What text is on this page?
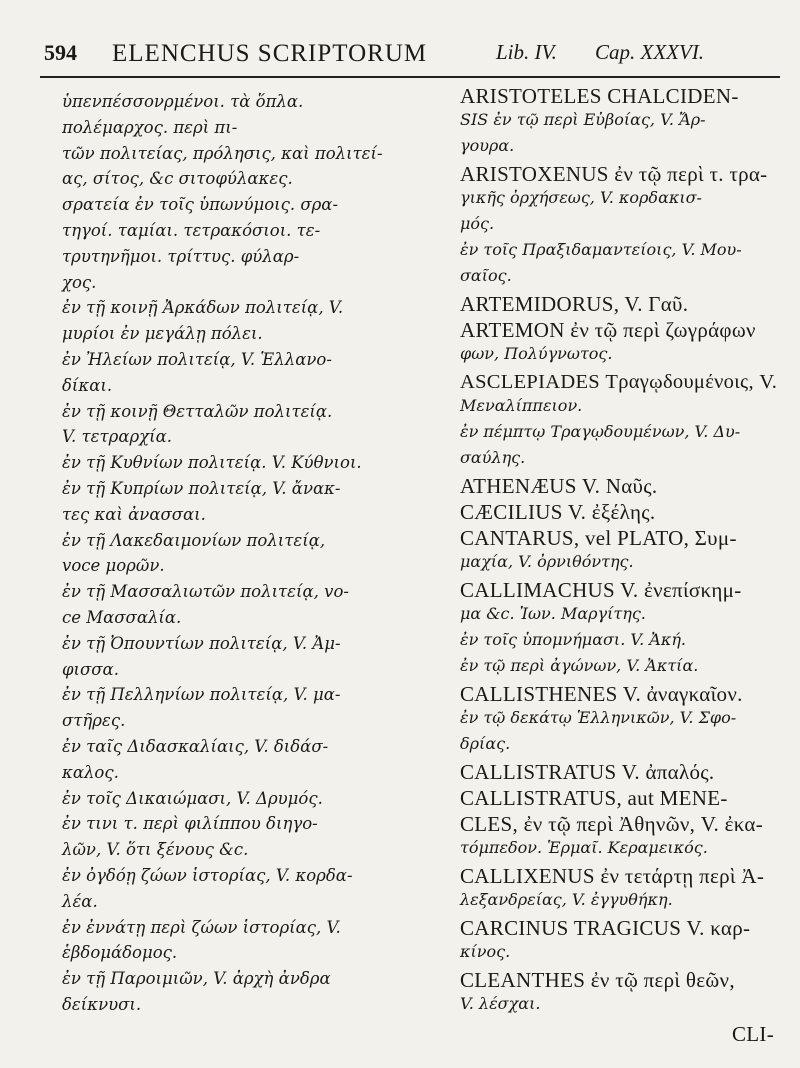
594 ELENCHUS SCRIPTORUM	Lib. IV. Cap. XXXVI.
ὑπενπέσσονρμένοι. τὰ ὅπλα.
πολέμαρχος. περὶ πι-
τῶν πολιτείας, πρόλησις, καὶ πολιτεί-
ας, σίτος, &c σιτοφύλακες.
σρατεία ἐν τοῖς ὑπωνύμοις. σρα-
τηγοί. ταμίαι. τετρακόσιοι. τε-
τρυτηνῆμοι. τρίττυς. φύλαρ-
χος.
ἐν τῇ κοινῇ Ἀρκάδων πολιτείᾳ, V.
μυρίοι ἐν μεγάλῃ πόλει.
ἐν Ἠλείων πολιτείᾳ, V. Ἑλλανο-
δίκαι.
ἐν τῇ κοινῇ Θετταλῶν πολιτείᾳ.
V. τετραρχία.
ἐν τῇ Κυθνίων πολιτείᾳ. V. Κύθνιοι.
ἐν τῇ Κυπρίων πολιτείᾳ, V. ἄνακ-
τες καὶ ἀνασσαι.
ἐν τῇ Λακεδαιμονίων πολιτείᾳ,
voce μορῶν.
ἐν τῇ Μασσαλιωτῶν πολιτείᾳ, vo-
ce Μασσαλία.
ἐν τῇ Ὀπουντίων πολιτείᾳ, V. Ἀμ-
φισσα.
ἐν τῇ Πελληνίων πολιτείᾳ, V. μα-
στῆρες.
ἐν ταῖς Διδασκαλίαις, V. διδάσ-
καλος.
ἐν τοῖς Δικαιώμασι, V. Δρυμός.
ἐν τινι τ. περὶ φιλίππου διηγο-
λῶν, V. ὅτι ξένους &c.
ἐν ὀγδόῃ ζώων ἱστορίας, V. κορδα-
λέα.
ἐν ἐννάτῃ περὶ ζώων ἱστορίας, V.
ἑβδομάδομος.
ἐν τῇ Παροιμιῶν, V. ἀρχὴ ἀνδρα
δείκνυσι.
ARISTOTELES CHALCIDEN-
SIS ἐν τῷ περὶ Εὐβοίας, V. Ἄρ-
γουρα.
ARISTOXENUS ἐν τῷ περὶ τ. τρα-
γικῆς ὀρχήσεως, V. κορδακισ-
μός.
ἐν τοῖς Πραξιδαμαντείοις, V. Μου-
σαῖος.
ARTEMIDORUS, V. Γαῦ.
ARTEMON ἐν τῷ περὶ ζωγράφων
φων, Πολύγνωτος.
ASCLEPIADES Τραγῳδουμένοις, V.
Μεναλίππειον.
ἐν πέμπτῳ Τραγῳδουμένων, V. Δυ-
σαύλης.
ATHENÆUS V. Ναῦς.
CÆCILIUS V. ἐξέλης.
CANTARUS, vel PLATO, Συμ-
μαχία, V. ὀρνιθόντης.
CALLIMACHUS V. ἐνεπίσκημ-
μα &c. Ἰων. Μαργίτης.
ἐν τοῖς ὑπομνήμασι. V. Ἀκή.
ἐν τῷ περὶ ἀγώνων, V. Ἀκτία.
CALLISTHENES V. ἀναγκαῖον.
ἐν τῷ δεκάτῳ Ἑλληνικῶν, V. Σφο-
δρίας.
CALLISTRATUS V. ἀπαλός.
CALLISTRATUS, aut MENE-
CLES, ἐν τῷ περὶ Ἀθηνῶν, V. ἐκα-
τόμπεδον. Ἑρμαῖ. Κεραμεικός.
CALLIXENUS ἐν τετάρτῃ περὶ Ἀ-
λεξανδρείας, V. ἐγγυθήκη.
CARCINUS TRAGICUS V. καρ-
κίνος.
CLEANTHES ἐν τῷ περὶ θεῶν,
V. λέσχαι.
CLI-
